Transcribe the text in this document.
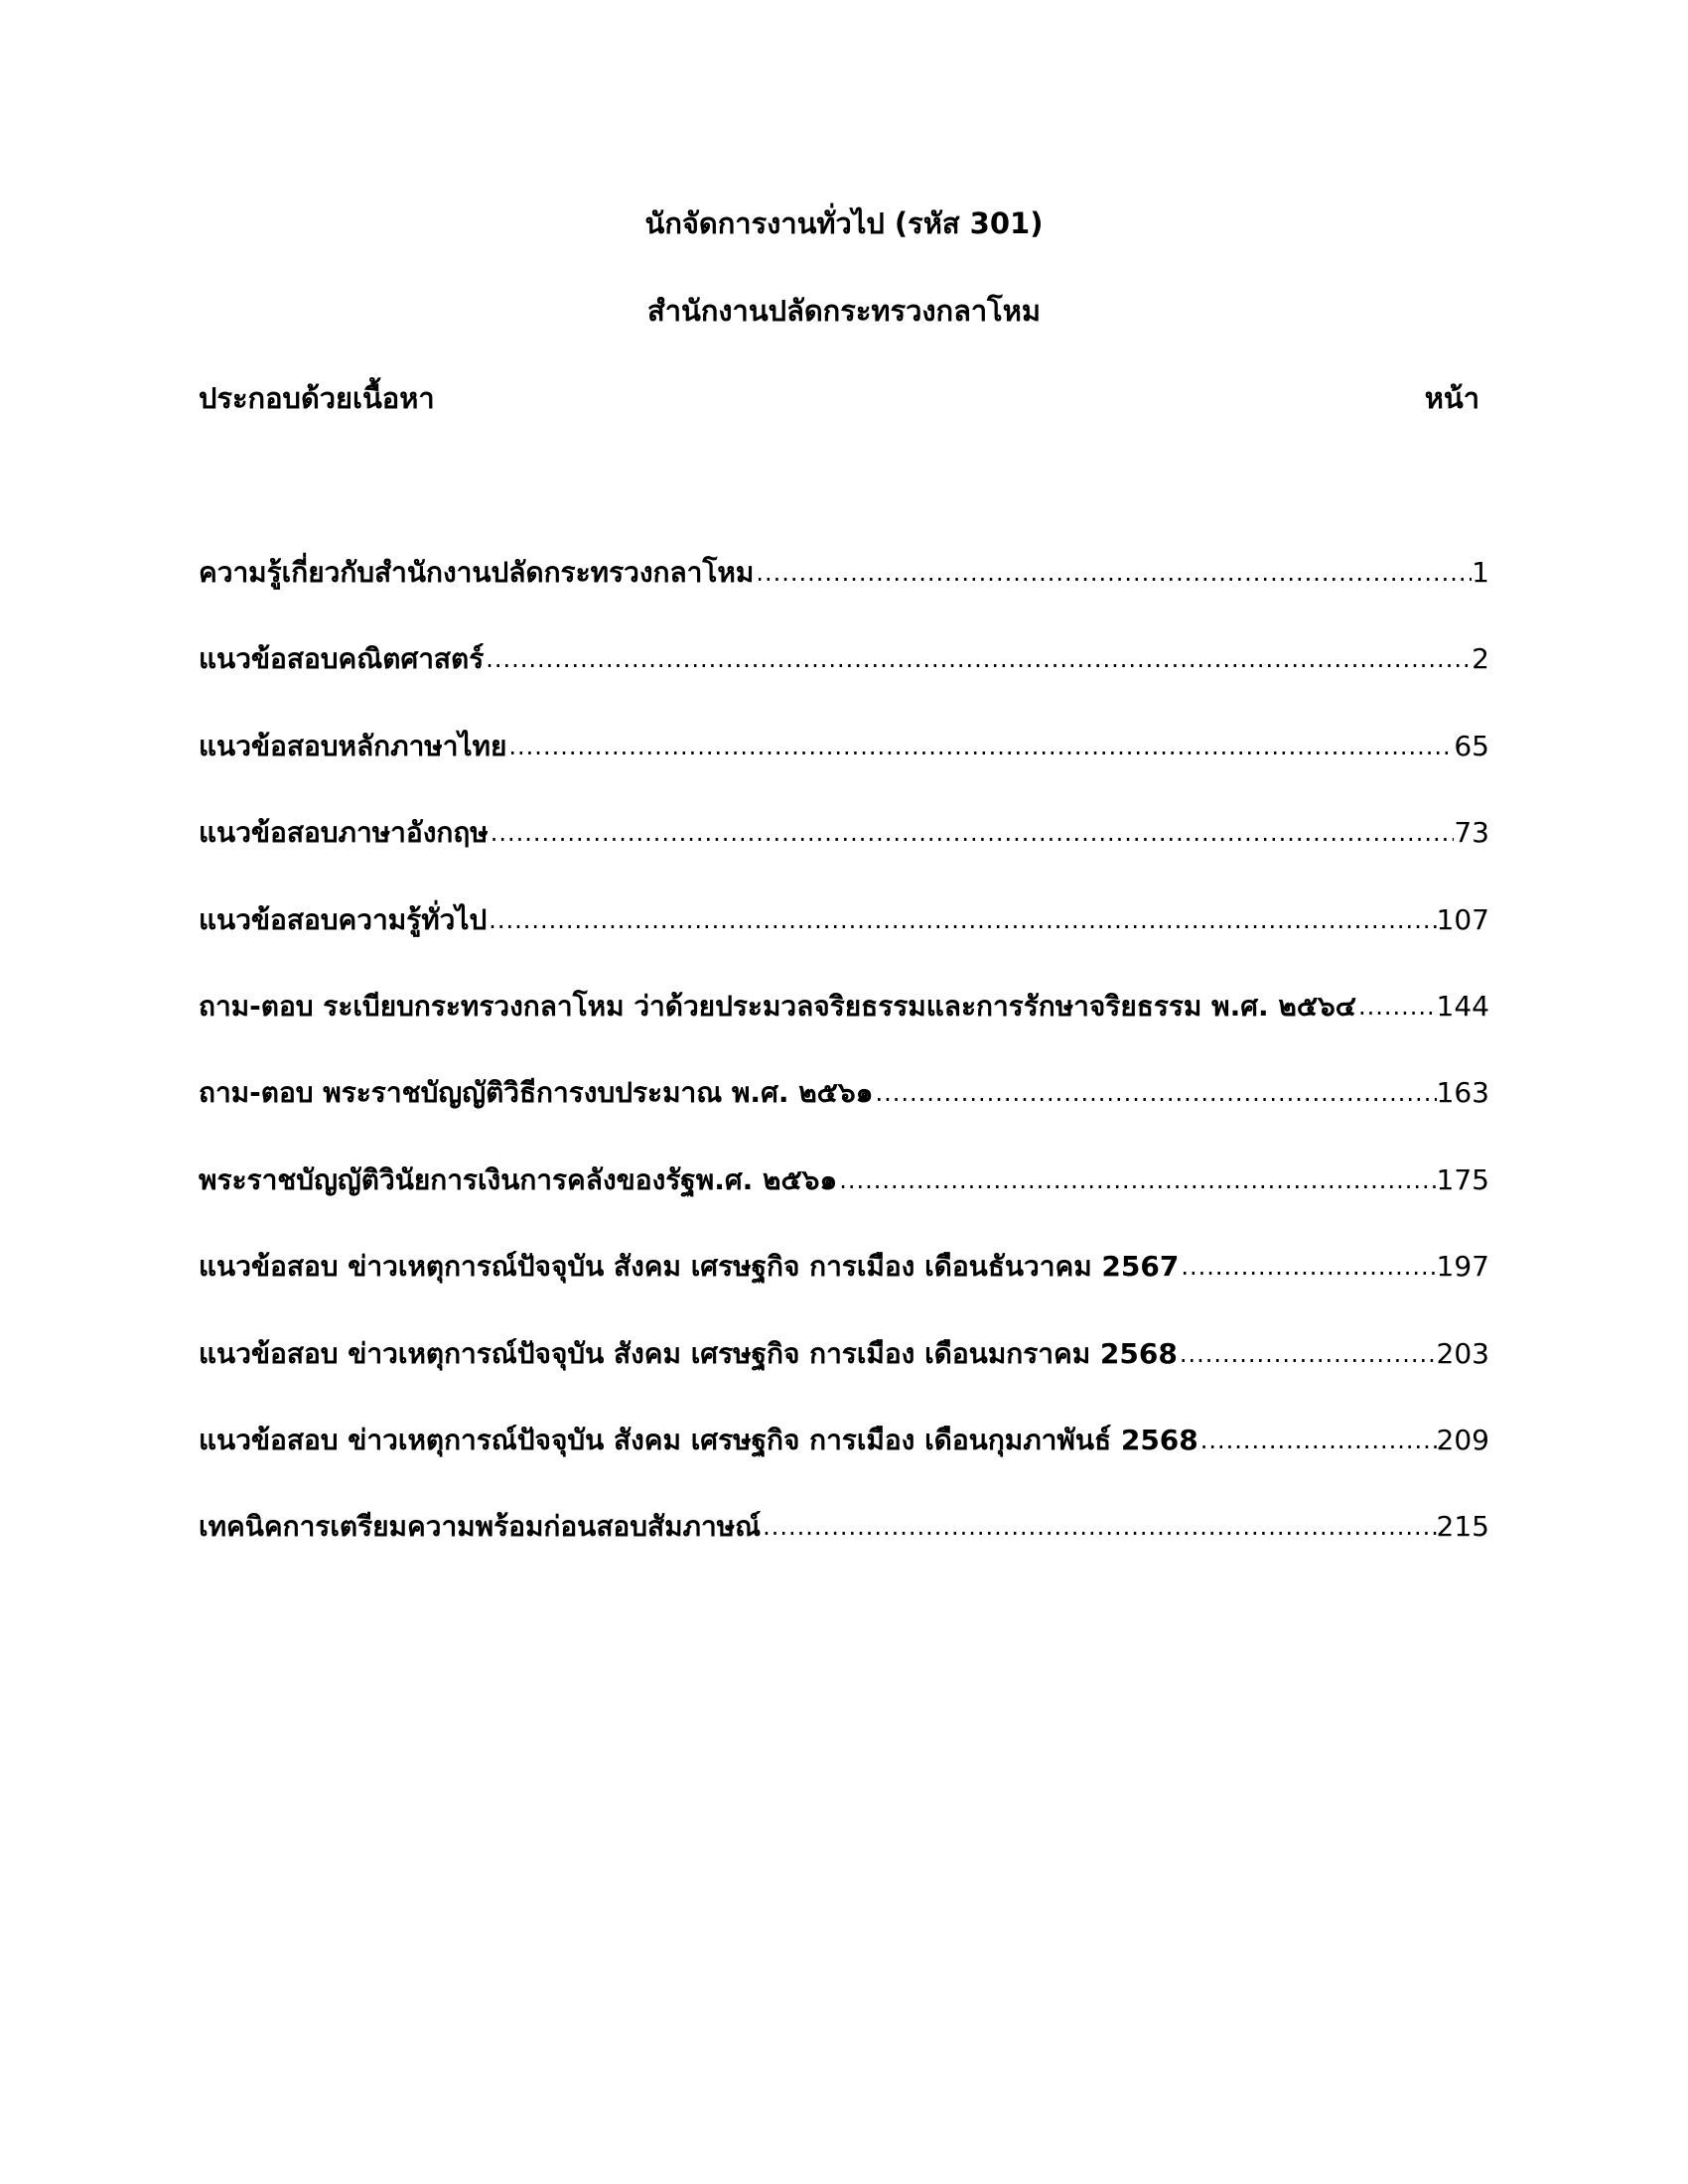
นักจัดการงานทั่วไป (รหัส 301)
สำนักงานปลัดกระทรวงกลาโหม
ประกอบด้วยเนื้อหา	หน้า
ความรู้เกี่ยวกับสำนักงานปลัดกระทรวงกลาโหม .....	1
แนวข้อสอบคณิตศาสตร์ .....	2
แนวข้อสอบหลักภาษาไทย .....	65
แนวข้อสอบภาษาอังกฤษ .....	73
แนวข้อสอบความรู้ทั่วไป .....	107
ถาม-ตอบ ระเบียบกระทรวงกลาโหม ว่าด้วยประมวลจริยธรรมและการรักษาจริยธรรม พ.ศ. ๒๕๖๔ .....	144
ถาม-ตอบ พระราชบัญญัติวิธีการงบประมาณ พ.ศ. ๒๕๖๑ .....	163
พระราชบัญญัติวินัยการเงินการคลังของรัฐพ.ศ. ๒๕๖๑ .....	175
แนวข้อสอบ ข่าวเหตุการณ์ปัจจุบัน สังคม เศรษฐกิจ การเมือง เดือนธันวาคม 2567 .....	197
แนวข้อสอบ ข่าวเหตุการณ์ปัจจุบัน สังคม เศรษฐกิจ การเมือง เดือนมกราคม 2568 .....	203
แนวข้อสอบ ข่าวเหตุการณ์ปัจจุบัน สังคม เศรษฐกิจ การเมือง เดือนกุมภาพันธ์ 2568 .....	209
เทคนิคการเตรียมความพร้อมก่อนสอบสัมภาษณ์ .....	215
